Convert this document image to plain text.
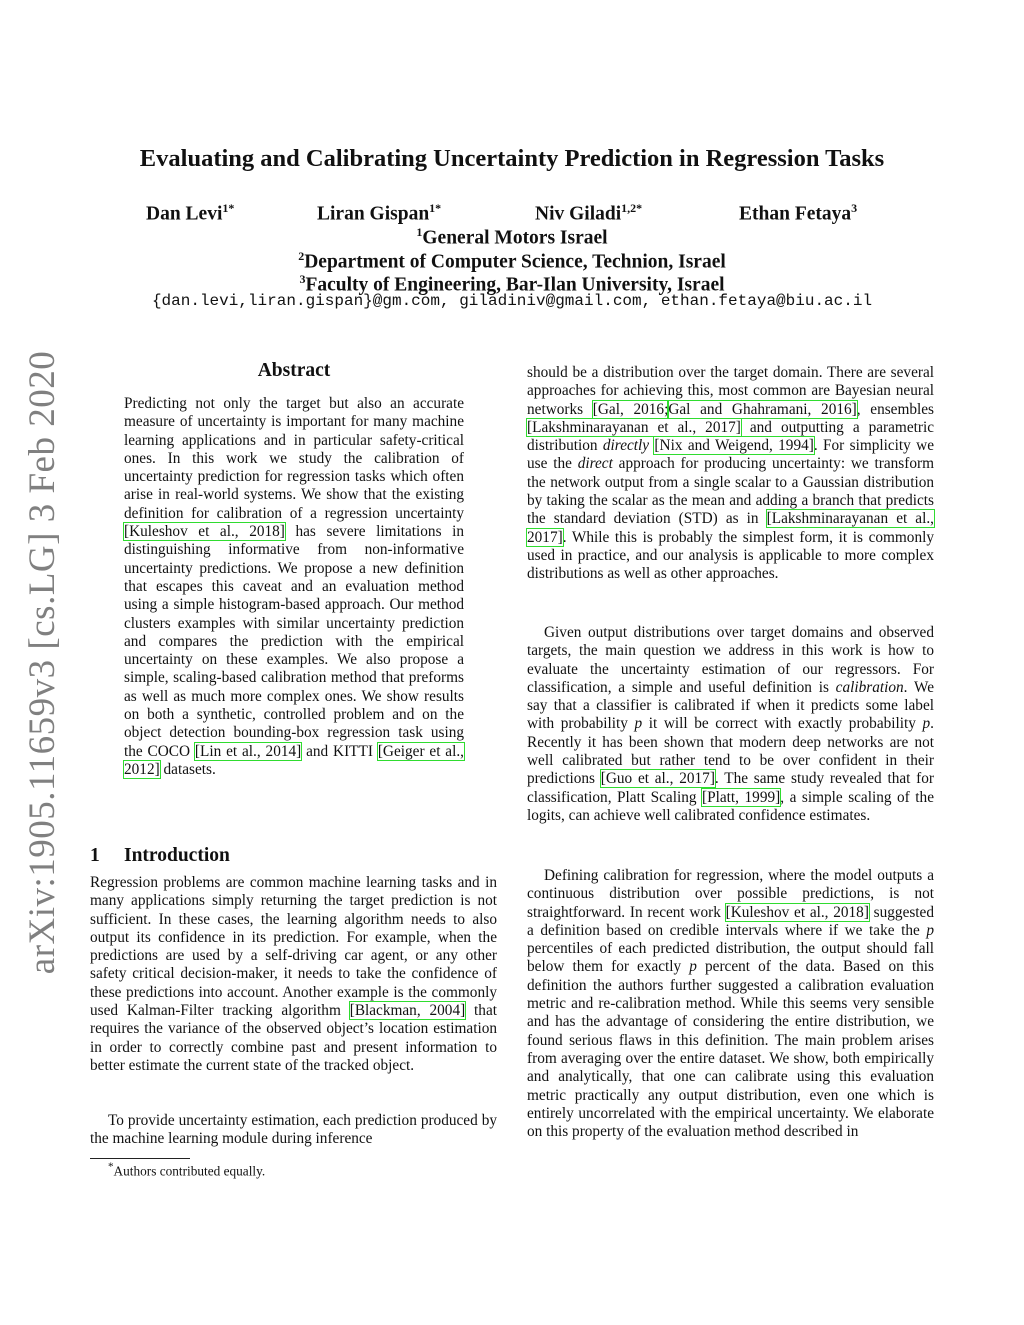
arXiv:1905.11659v3 [cs.LG] 3 Feb 2020
Evaluating and Calibrating Uncertainty Prediction in Regression Tasks
Dan Levi$^{1*}$	Liran Gispan$^{1*}$	Niv Giladi$^{1,2*}$	Ethan Fetaya$^3$
$^1$General Motors Israel
$^2$Department of Computer Science, Technion, Israel
$^3$Faculty of Engineering, Bar-Ilan University, Israel
{dan.levi,liran.gispan}@gm.com, giladiniv@gmail.com, ethan.fetaya@biu.ac.il
Abstract

Predicting not only the target but also an accurate measure of uncertainty is important for many machine learning applications and in particular safety-critical ones. In this work we study the calibration of uncertainty prediction for regression tasks which often arise in real-world systems. We show that the existing definition for calibration of a regression uncertainty [Kuleshov et al., 2018] has severe limitations in distinguishing informative from non-informative uncertainty predictions. We propose a new definition that escapes this caveat and an evaluation method using a simple histogram-based approach. Our method clusters examples with similar uncertainty prediction and compares the prediction with the empirical uncertainty on these examples. We also propose a simple, scaling-based calibration method that preforms as well as much more complex ones. We show results on both a synthetic, controlled problem and on the object detection bounding-box regression task using the COCO [Lin et al., 2014] and KITTI [Geiger et al., 2012] datasets.

1 Introduction

Regression problems are common machine learning tasks and in many applications simply returning the target prediction is not sufficient. In these cases, the learning algorithm needs to also output its confidence in its prediction. For example, when the predictions are used by a self-driving car agent, or any other safety critical decision-maker, it needs to take the confidence of these predictions into account. Another example is the commonly used Kalman-Filter tracking algorithm [Blackman, 2004] that requires the variance of the observed object’s location estimation in order to correctly combine past and present information to better estimate the current state of the tracked object.

To provide uncertainty estimation, each prediction produced by the machine learning module during inference

*Authors contributed equally.

should be a distribution over the target domain. There are several approaches for achieving this, most common are Bayesian neural networks [Gal, 2016;Gal and Ghahramani, 2016], ensembles [Lakshminarayanan et al., 2017] and outputting a parametric distribution directly [Nix and Weigend, 1994]. For simplicity we use the direct approach for producing uncertainty: we transform the network output from a single scalar to a Gaussian distribution by taking the scalar as the mean and adding a branch that predicts the standard deviation (STD) as in [Lakshminarayanan et al., 2017]. While this is probably the simplest form, it is commonly used in practice, and our analysis is applicable to more complex distributions as well as other approaches.

Given output distributions over target domains and observed targets, the main question we address in this work is how to evaluate the uncertainty estimation of our regressors. For classification, a simple and useful definition is calibration. We say that a classifier is calibrated if when it predicts some label with probability p it will be correct with exactly probability p. Recently it has been shown that modern deep networks are not well calibrated but rather tend to be over confident in their predictions [Guo et al., 2017]. The same study revealed that for classification, Platt Scaling [Platt, 1999], a simple scaling of the logits, can achieve well calibrated confidence estimates.

Defining calibration for regression, where the model outputs a continuous distribution over possible predictions, is not straightforward. In recent work [Kuleshov et al., 2018] suggested a definition based on credible intervals where if we take the p percentiles of each predicted distribution, the output should fall below them for exactly p percent of the data. Based on this definition the authors further suggested a calibration evaluation metric and re-calibration method. While this seems very sensible and has the advantage of considering the entire distribution, we found serious flaws in this definition. The main problem arises from averaging over the entire dataset. We show, both empirically and analytically, that one can calibrate using this evaluation metric practically any output distribution, even one which is entirely uncorrelated with the empirical uncertainty. We elaborate on this property of the evaluation method described in
